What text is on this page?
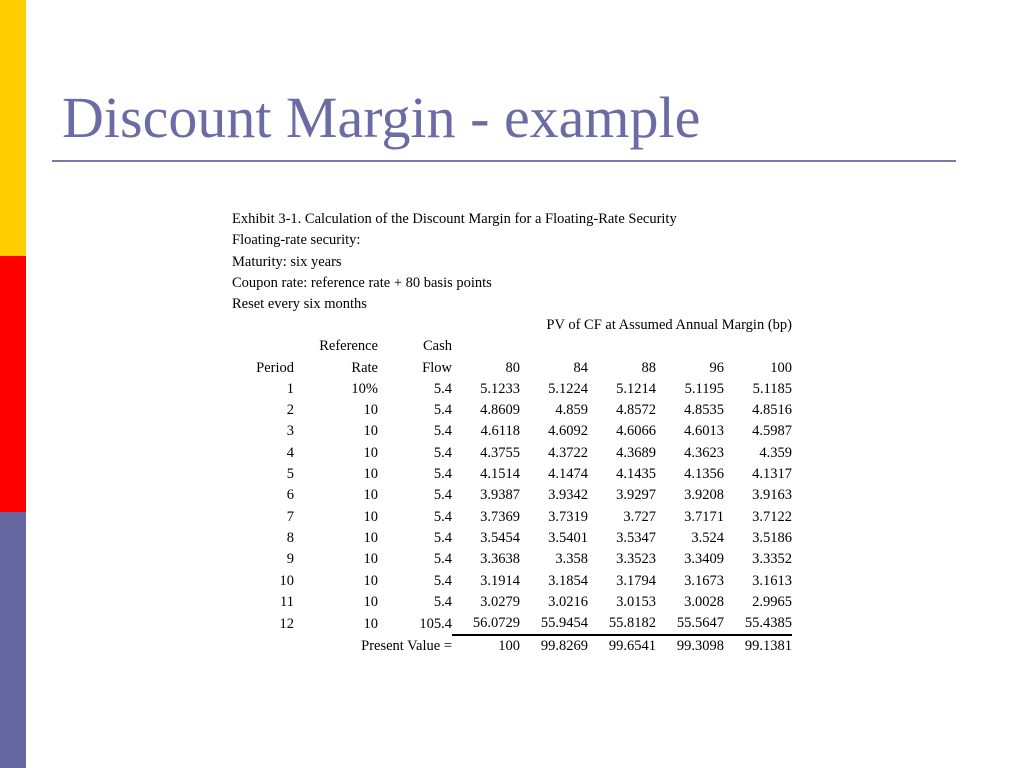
Discount Margin - example
Exhibit 3-1. Calculation of the Discount Margin for a Floating-Rate Security
Floating-rate security:
Maturity: six years
Coupon rate: reference rate + 80 basis points
Reset every six months
			PV of CF at Assumed Annual Margin (bp)				
	Reference	Cash					
Period	Rate	Flow	80	84	88	96	100
1	10%	5.4	5.1233	5.1224	5.1214	5.1195	5.1185
2	10	5.4	4.8609	4.859	4.8572	4.8535	4.8516
3	10	5.4	4.6118	4.6092	4.6066	4.6013	4.5987
4	10	5.4	4.3755	4.3722	4.3689	4.3623	4.359
5	10	5.4	4.1514	4.1474	4.1435	4.1356	4.1317
6	10	5.4	3.9387	3.9342	3.9297	3.9208	3.9163
7	10	5.4	3.7369	3.7319	3.727	3.7171	3.7122
8	10	5.4	3.5454	3.5401	3.5347	3.524	3.5186
9	10	5.4	3.3638	3.358	3.3523	3.3409	3.3352
10	10	5.4	3.1914	3.1854	3.1794	3.1673	3.1613
11	10	5.4	3.0279	3.0216	3.0153	3.0028	2.9965
12	10	105.4	56.0729	55.9454	55.8182	55.5647	55.4385
Present Value =			100	99.8269	99.6541	99.3098	99.1381
